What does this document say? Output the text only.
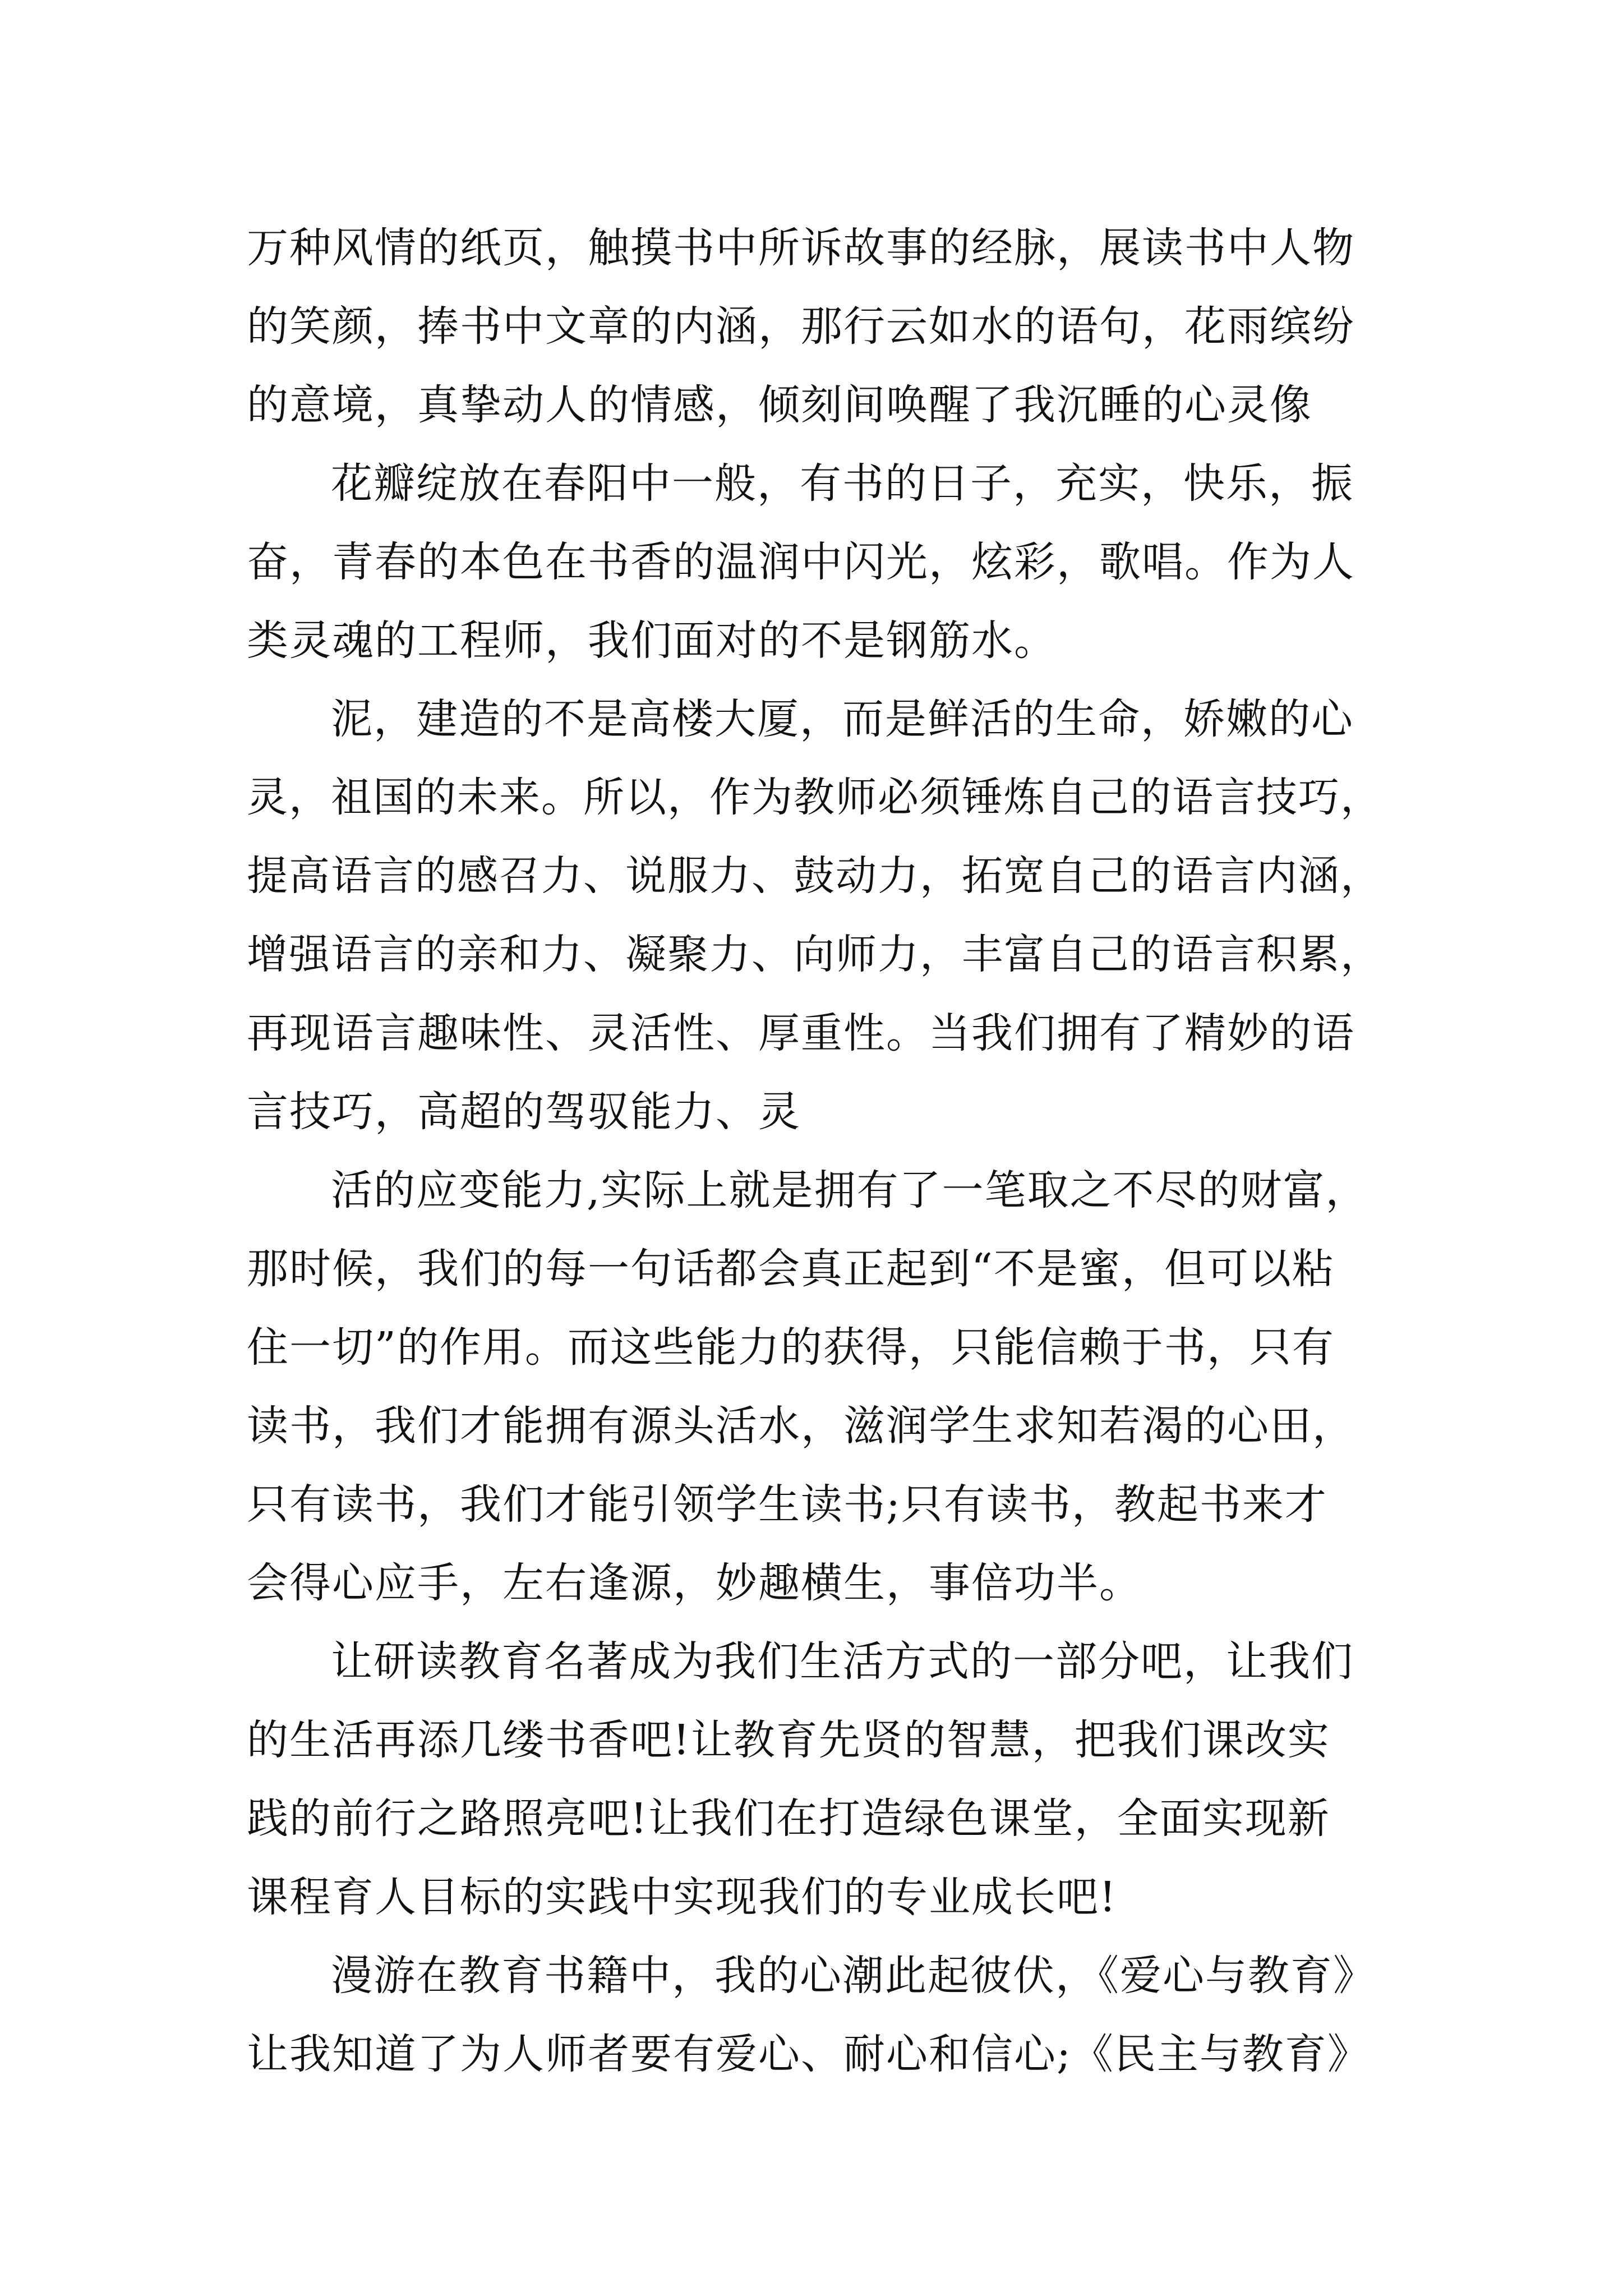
万种风情的纸页，触摸书中所诉故事的经脉，展读书中人物
的笑颜，捧书中文章的内涵，那行云如水的语句，花雨缤纷
的意境，真挚动人的情感，倾刻间唤醒了我沉睡的心灵像
花瓣绽放在春阳中一般，有书的日子，充实，快乐，振
奋，青春的本色在书香的温润中闪光，炫彩，歌唱。作为人
类灵魂的工程师，我们面对的不是钢筋水。
泥，建造的不是高楼大厦，而是鲜活的生命，娇嫩的心
灵，祖国的未来。所以，作为教师必须锤炼自己的语言技巧，
提高语言的感召力、说服力、鼓动力，拓宽自己的语言内涵，
增强语言的亲和力、凝聚力、向师力，丰富自己的语言积累，
再现语言趣味性、灵活性、厚重性。当我们拥有了精妙的语
言技巧，高超的驾驭能力、灵
活的应变能力,实际上就是拥有了一笔取之不尽的财富，
那时候，我们的每一句话都会真正起到“不是蜜，但可以粘
住一切”的作用。而这些能力的获得，只能信赖于书，只有
读书，我们才能拥有源头活水，滋润学生求知若渴的心田，
只有读书，我们才能引领学生读书;只有读书，教起书来才
会得心应手，左右逢源，妙趣横生，事倍功半。
让研读教育名著成为我们生活方式的一部分吧，让我们
的生活再添几缕书香吧!让教育先贤的智慧，把我们课改实
践的前行之路照亮吧!让我们在打造绿色课堂，全面实现新
课程育人目标的实践中实现我们的专业成长吧!
漫游在教育书籍中，我的心潮此起彼伏，《爱心与教育》
让我知道了为人师者要有爱心、耐心和信心;《民主与教育》
